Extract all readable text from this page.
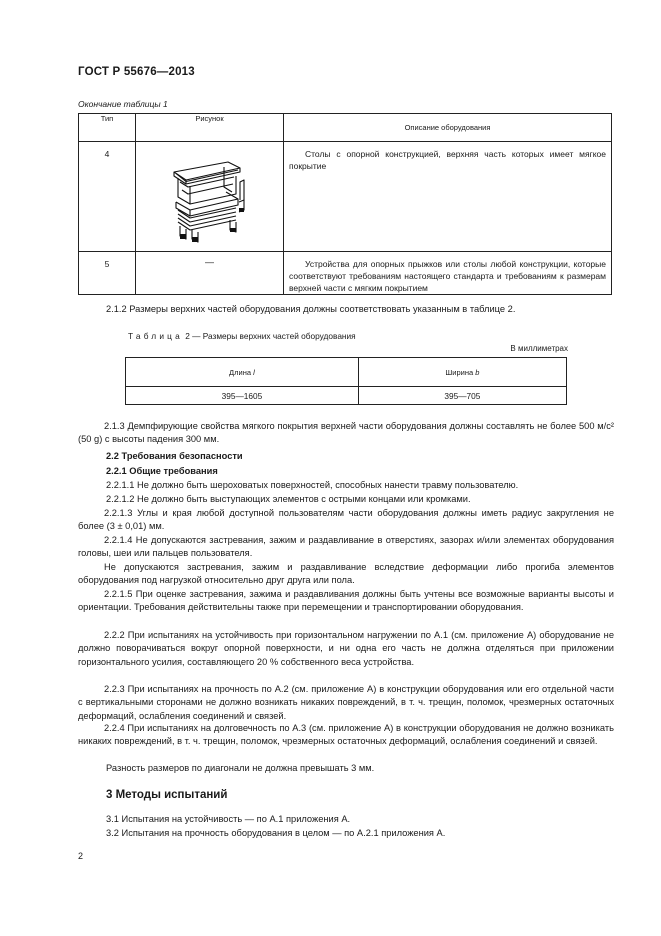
ГОСТ Р 55676—2013
Окончание таблицы 1
Тип	Рисунок	Описание оборудования

4		Столы с опорной конструкцией, верхняя часть которых имеет мягкое покрытие

5	—	Устройства для опорных прыжков или столы любой конструкции, которые соответствуют требованиям настоящего стандарта и требованиям к размерам верхней части с мягким покрытием
2.1.2 Размеры верхних частей оборудования должны соответствовать указанным в таблице 2.
Таблица 2 — Размеры верхних частей оборудования
В миллиметрах
Длина l	Ширина b
395—1605	395—705
2.1.3 Демпфирующие свойства мягкого покрытия верхней части оборудования должны составлять не более 500 м/с² (50 g) с высоты падения 300 мм.
2.2 Требования безопасности
2.2.1 Общие требования
2.2.1.1 Не должно быть шероховатых поверхностей, способных нанести травму пользователю.
2.2.1.2 Не должно быть выступающих элементов с острыми концами или кромками.
2.2.1.3 Углы и края любой доступной пользователям части оборудования должны иметь радиус закругления не более (3 ± 0,01) мм.
2.2.1.4 Не допускаются застревания, зажим и раздавливание в отверстиях, зазорах и/или элементах оборудования головы, шеи или пальцев пользователя.
Не допускаются застревания, зажим и раздавливание вследствие деформации либо прогиба элементов оборудования под нагрузкой относительно друг друга или пола.
2.2.1.5 При оценке застревания, зажима и раздавливания должны быть учтены все возможные варианты высоты и ориентации. Требования действительны также при перемещении и транспортировании оборудования.
2.2.2 При испытаниях на устойчивость при горизонтальном нагружении по А.1 (см. приложение А) оборудование не должно поворачиваться вокруг опорной поверхности, и ни одна его часть не должна отделяться при приложении горизонтального усилия, составляющего 20 % собственного веса устройства.
2.2.3 При испытаниях на прочность по А.2 (см. приложение А) в конструкции оборудования или его отдельной части с вертикальными сторонами не должно возникать никаких повреждений, в т. ч. трещин, поломок, чрезмерных остаточных деформаций, ослабления соединений и связей.
2.2.4 При испытаниях на долговечность по А.3 (см. приложение А) в конструкции оборудования не должно возникать никаких повреждений, в т. ч. трещин, поломок, чрезмерных остаточных деформаций, ослабления соединений и связей.
Разность размеров по диагонали не должна превышать 3 мм.
3 Методы испытаний
3.1 Испытания на устойчивость — по А.1 приложения А.
3.2 Испытания на прочность оборудования в целом — по А.2.1 приложения А.
2
